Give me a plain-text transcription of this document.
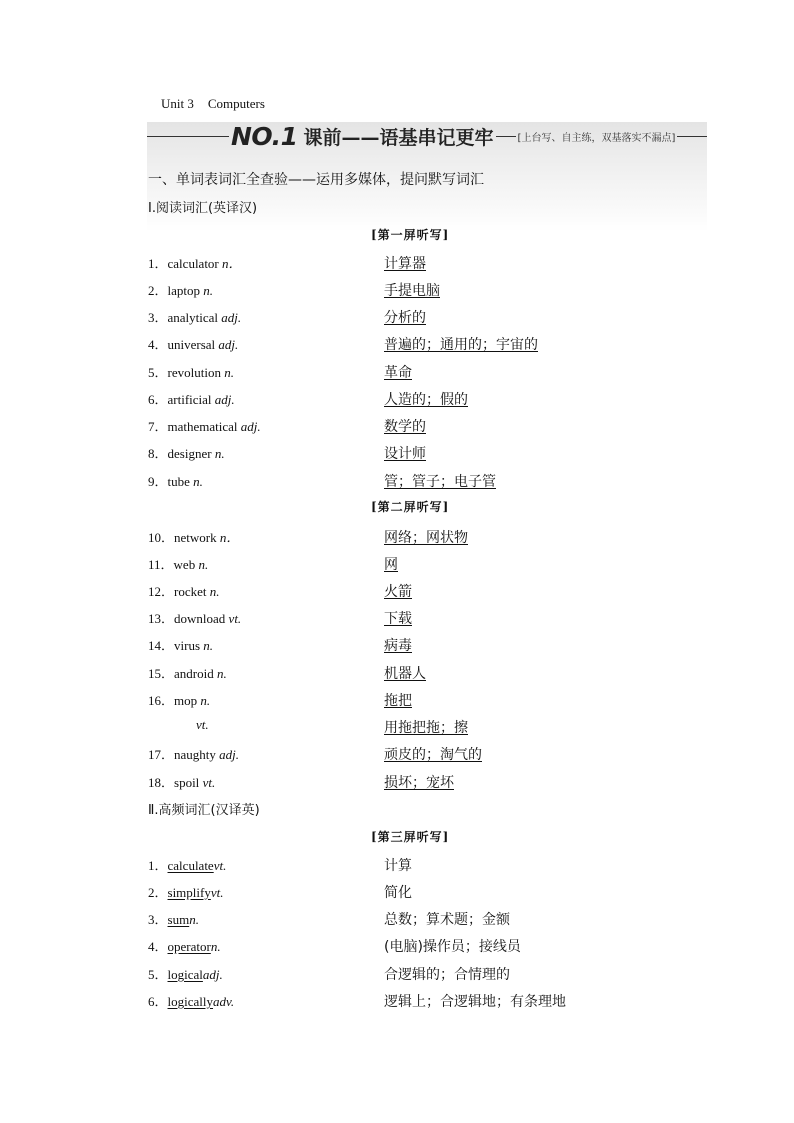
Unit 3 Computers
NO.1 课前——语基串记更牢 [上台写、自主练，双基落实不漏点]
一、单词表词汇全查验——运用多媒体，提问默写词汇
Ⅰ.阅读词汇(英译汉)
[第一屏听写]
[第二屏听写]
1．calculator n．	计算器
2．laptop n.	手提电脑
3．analytical adj.	分析的
4．universal adj.	普遍的；通用的；宇宙的
5．revolution n.	革命
6．artificial adj.	人造的；假的
7．mathematical adj.	数学的
8．designer n.	设计师
9．tube n.	管；管子；电子管
10．network n．	网络；网状物
11．web n.	网
12．rocket n.	火箭
13．download vt.	下载
14．virus n.	病毒
15．android n.	机器人
16．mop n.	拖把
vt.	用拖把拖；擦
17．naughty adj.	顽皮的；淘气的
18．spoil vt.	损坏；宠坏
Ⅱ.高频词汇(汉译英)
[第三屏听写]
1．calculatevt.	计算
2．simplifyvt.	简化
3．sumn.	总数；算术题；金额
4．operatorn.	(电脑)操作员；接线员
5．logicaladj.	合逻辑的；合情理的
6．logicallyadv.	逻辑上；合逻辑地；有条理地
